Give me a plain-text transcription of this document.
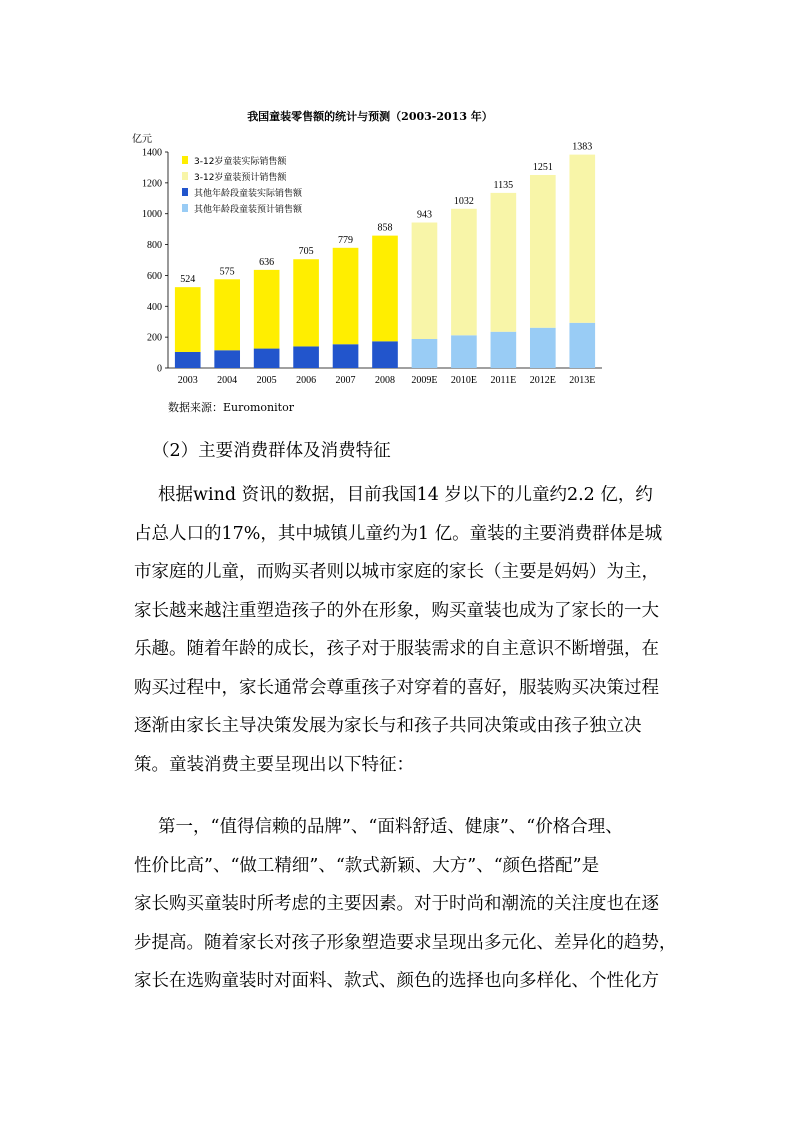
我国童装零售额的统计与预测（2003-2013 年）
亿元
0
200
400
600
800
1000
1200
1400
524
2003
575
2004
636
2005
705
2006
779
2007
858
2008
943
2009E
1032
2010E
1135
2011E
1251
2012E
1383
2013E
3-12岁童装实际销售额
3-12岁童装预计销售额
其他年龄段童装实际销售额
其他年龄段童装预计销售额
数据来源：Euromonitor
（2）主要消费群体及消费特征
根据wind 资讯的数据，目前我国14 岁以下的儿童约2.2 亿，约
占总人口的17%，其中城镇儿童约为1 亿。童装的主要消费群体是城
市家庭的儿童，而购买者则以城市家庭的家长（主要是妈妈）为主，
家长越来越注重塑造孩子的外在形象，购买童装也成为了家长的一大
乐趣。随着年龄的成长，孩子对于服装需求的自主意识不断增强，在
购买过程中，家长通常会尊重孩子对穿着的喜好，服装购买决策过程
逐渐由家长主导决策发展为家长与和孩子共同决策或由孩子独立决
策。童装消费主要呈现出以下特征：
第一，“值得信赖的品牌”、“面料舒适、健康”、“价格合理、
性价比高”、“做工精细”、“款式新颖、大方”、“颜色搭配”是
家长购买童装时所考虑的主要因素。对于时尚和潮流的关注度也在逐
步提高。随着家长对孩子形象塑造要求呈现出多元化、差异化的趋势，
家长在选购童装时对面料、款式、颜色的选择也向多样化、个性化方
